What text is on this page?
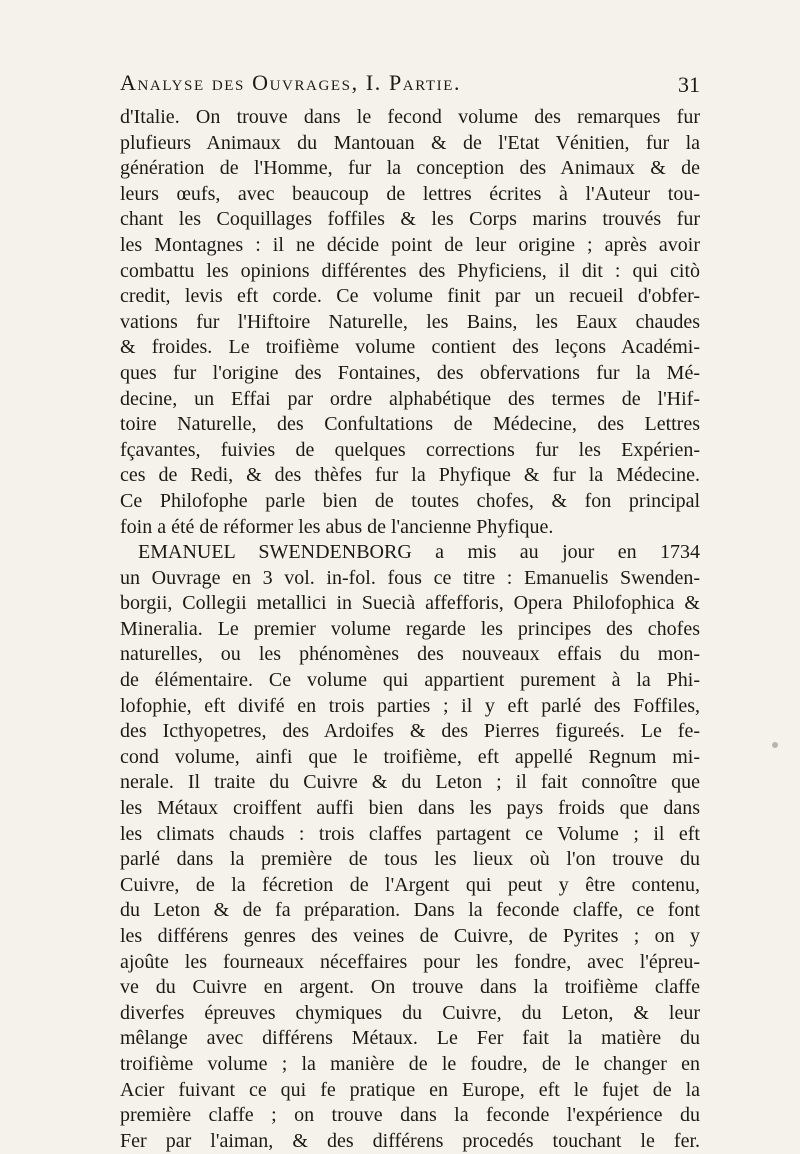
Analyse des Ouvrages, I. Partie.	31
d'Italie. On trouve dans le fecond volume des remarques fur
plufieurs Animaux du Mantouan & de l'Etat Vénitien, fur la
génération de l'Homme, fur la conception des Animaux & de
leurs œufs, avec beaucoup de lettres écrites à l'Auteur tou-
chant les Coquillages foffiles & les Corps marins trouvés fur
les Montagnes : il ne décide point de leur origine ; après avoir
combattu les opinions différentes des Phyficiens, il dit : qui citò
credit, levis eft corde. Ce volume finit par un recueil d'obfer-
vations fur l'Hiftoire Naturelle, les Bains, les Eaux chaudes
& froides. Le troifième volume contient des leçons Académi-
ques fur l'origine des Fontaines, des obfervations fur la Mé-
decine, un Effai par ordre alphabétique des termes de l'Hif-
toire Naturelle, des Confultations de Médecine, des Lettres
fçavantes, fuivies de quelques corrections fur les Expérien-
ces de Redi, & des thèfes fur la Phyfique & fur la Médecine.
Ce Philofophe parle bien de toutes chofes, & fon principal
foin a été de réformer les abus de l'ancienne Phyfique.
EMANUEL SWENDENBORG a mis au jour en 1734
un Ouvrage en 3 vol. in-fol. fous ce titre : Emanuelis Swenden-
borgii, Collegii metallici in Suecià affefforis, Opera Philofophica &
Mineralia. Le premier volume regarde les principes des chofes
naturelles, ou les phénomènes des nouveaux effais du mon-
de élémentaire. Ce volume qui appartient purement à la Phi-
lofophie, eft divifé en trois parties ; il y eft parlé des Foffiles,
des Icthyopetres, des Ardoifes & des Pierres figureés. Le fe-
cond volume, ainfi que le troifième, eft appellé Regnum mi-
nerale. Il traite du Cuivre & du Leton ; il fait connoître que
les Métaux croiffent auffi bien dans les pays froids que dans
les climats chauds : trois claffes partagent ce Volume ; il eft
parlé dans la première de tous les lieux où l'on trouve du
Cuivre, de la fécretion de l'Argent qui peut y être contenu,
du Leton & de fa préparation. Dans la feconde claffe, ce font
les différens genres des veines de Cuivre, de Pyrites ; on y
ajoûte les fourneaux néceffaires pour les fondre, avec l'épreu-
ve du Cuivre en argent. On trouve dans la troifième claffe
diverfes épreuves chymiques du Cuivre, du Leton, & leur
mêlange avec différens Métaux. Le Fer fait la matière du
troifième volume ; la manière de le foudre, de le changer en
Acier fuivant ce qui fe pratique en Europe, eft le fujet de la
première claffe ; on trouve dans la feconde l'expérience du
Fer par l'aiman, & des différens procedés touchant le fer.
